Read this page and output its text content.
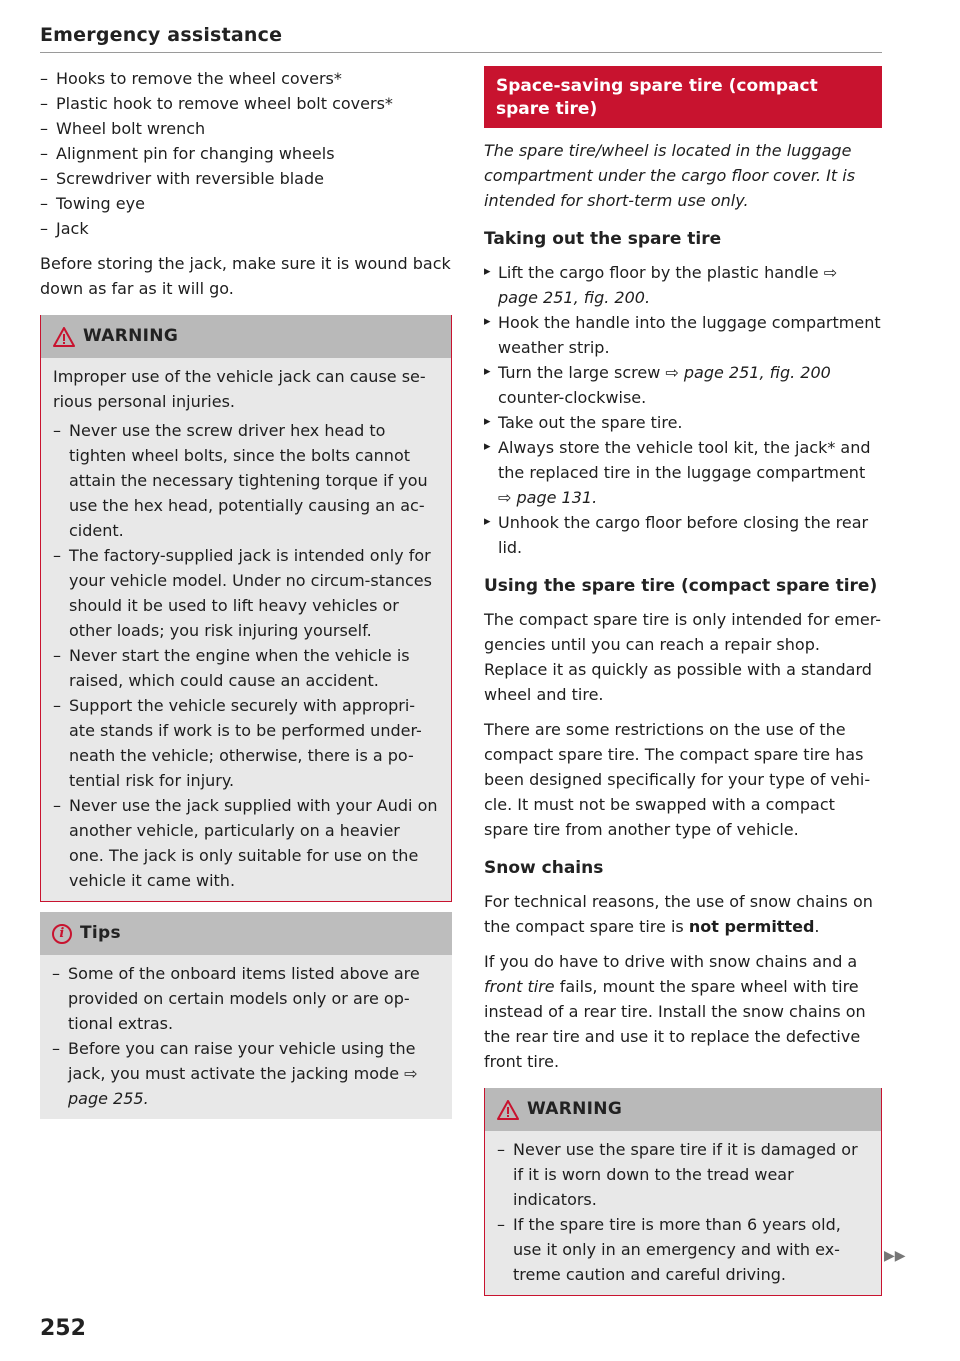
Emergency assistance
– Hooks to remove the wheel covers*
– Plastic hook to remove wheel bolt covers*
– Wheel bolt wrench
– Alignment pin for changing wheels
– Screwdriver with reversible blade
– Towing eye
– Jack

Before storing the jack, make sure it is wound back down as far as it will go.

WARNING

Improper use of the vehicle jack can cause se-rious personal injuries.

– Never use the screw driver hex head to tighten wheel bolts, since the bolts cannot attain the necessary tightening torque if you use the hex head, potentially causing an ac-cident.
– The factory-supplied jack is intended only for your vehicle model. Under no circum-stances should it be used to lift heavy vehicles or other loads; you risk injuring yourself.
– Never start the engine when the vehicle is raised, which could cause an accident.
– Support the vehicle securely with appropri-ate stands if work is to be performed under-neath the vehicle; otherwise, there is a po-tential risk for injury.
– Never use the jack supplied with your Audi on another vehicle, particularly on a heavier one. The jack is only suitable for use on the vehicle it came with.
i Tips
– Some of the onboard items listed above are provided on certain models only or are op-tional extras.
– Before you can raise your vehicle using the jack, you must activate the jacking mode ⇨ page 255.
Space-saving spare tire (compact spare tire)

The spare tire/wheel is located in the luggage compartment under the cargo floor cover. It is intended for short-term use only.

Taking out the spare tire
▸ Lift the cargo floor by the plastic handle ⇨ page 251, fig. 200.
▸ Hook the handle into the luggage compartment weather strip.
▸ Turn the large screw ⇨ page 251, fig. 200 counter-clockwise.
▸ Take out the spare tire.
▸ Always store the vehicle tool kit, the jack* and the replaced tire in the luggage compartment ⇨ page 131.
▸ Unhook the cargo floor before closing the rear lid.
Using the spare tire (compact spare tire)

The compact spare tire is only intended for emer-gencies until you can reach a repair shop. Replace it as quickly as possible with a standard wheel and tire.

There are some restrictions on the use of the compact spare tire. The compact spare tire has been designed specifically for your type of vehi-cle. It must not be swapped with a compact spare tire from another type of vehicle.

Snow chains

For technical reasons, the use of snow chains on the compact spare tire is not permitted.

If you do have to drive with snow chains and a front tire fails, mount the spare wheel with tire instead of a rear tire. Install the snow chains on the rear tire and use it to replace the defective front tire.

WARNING
– Never use the spare tire if it is damaged or if it is worn down to the tread wear indicators.
– If the spare tire is more than 6 years old, use it only in an emergency and with ex-treme caution and careful driving.
▶▶
252
